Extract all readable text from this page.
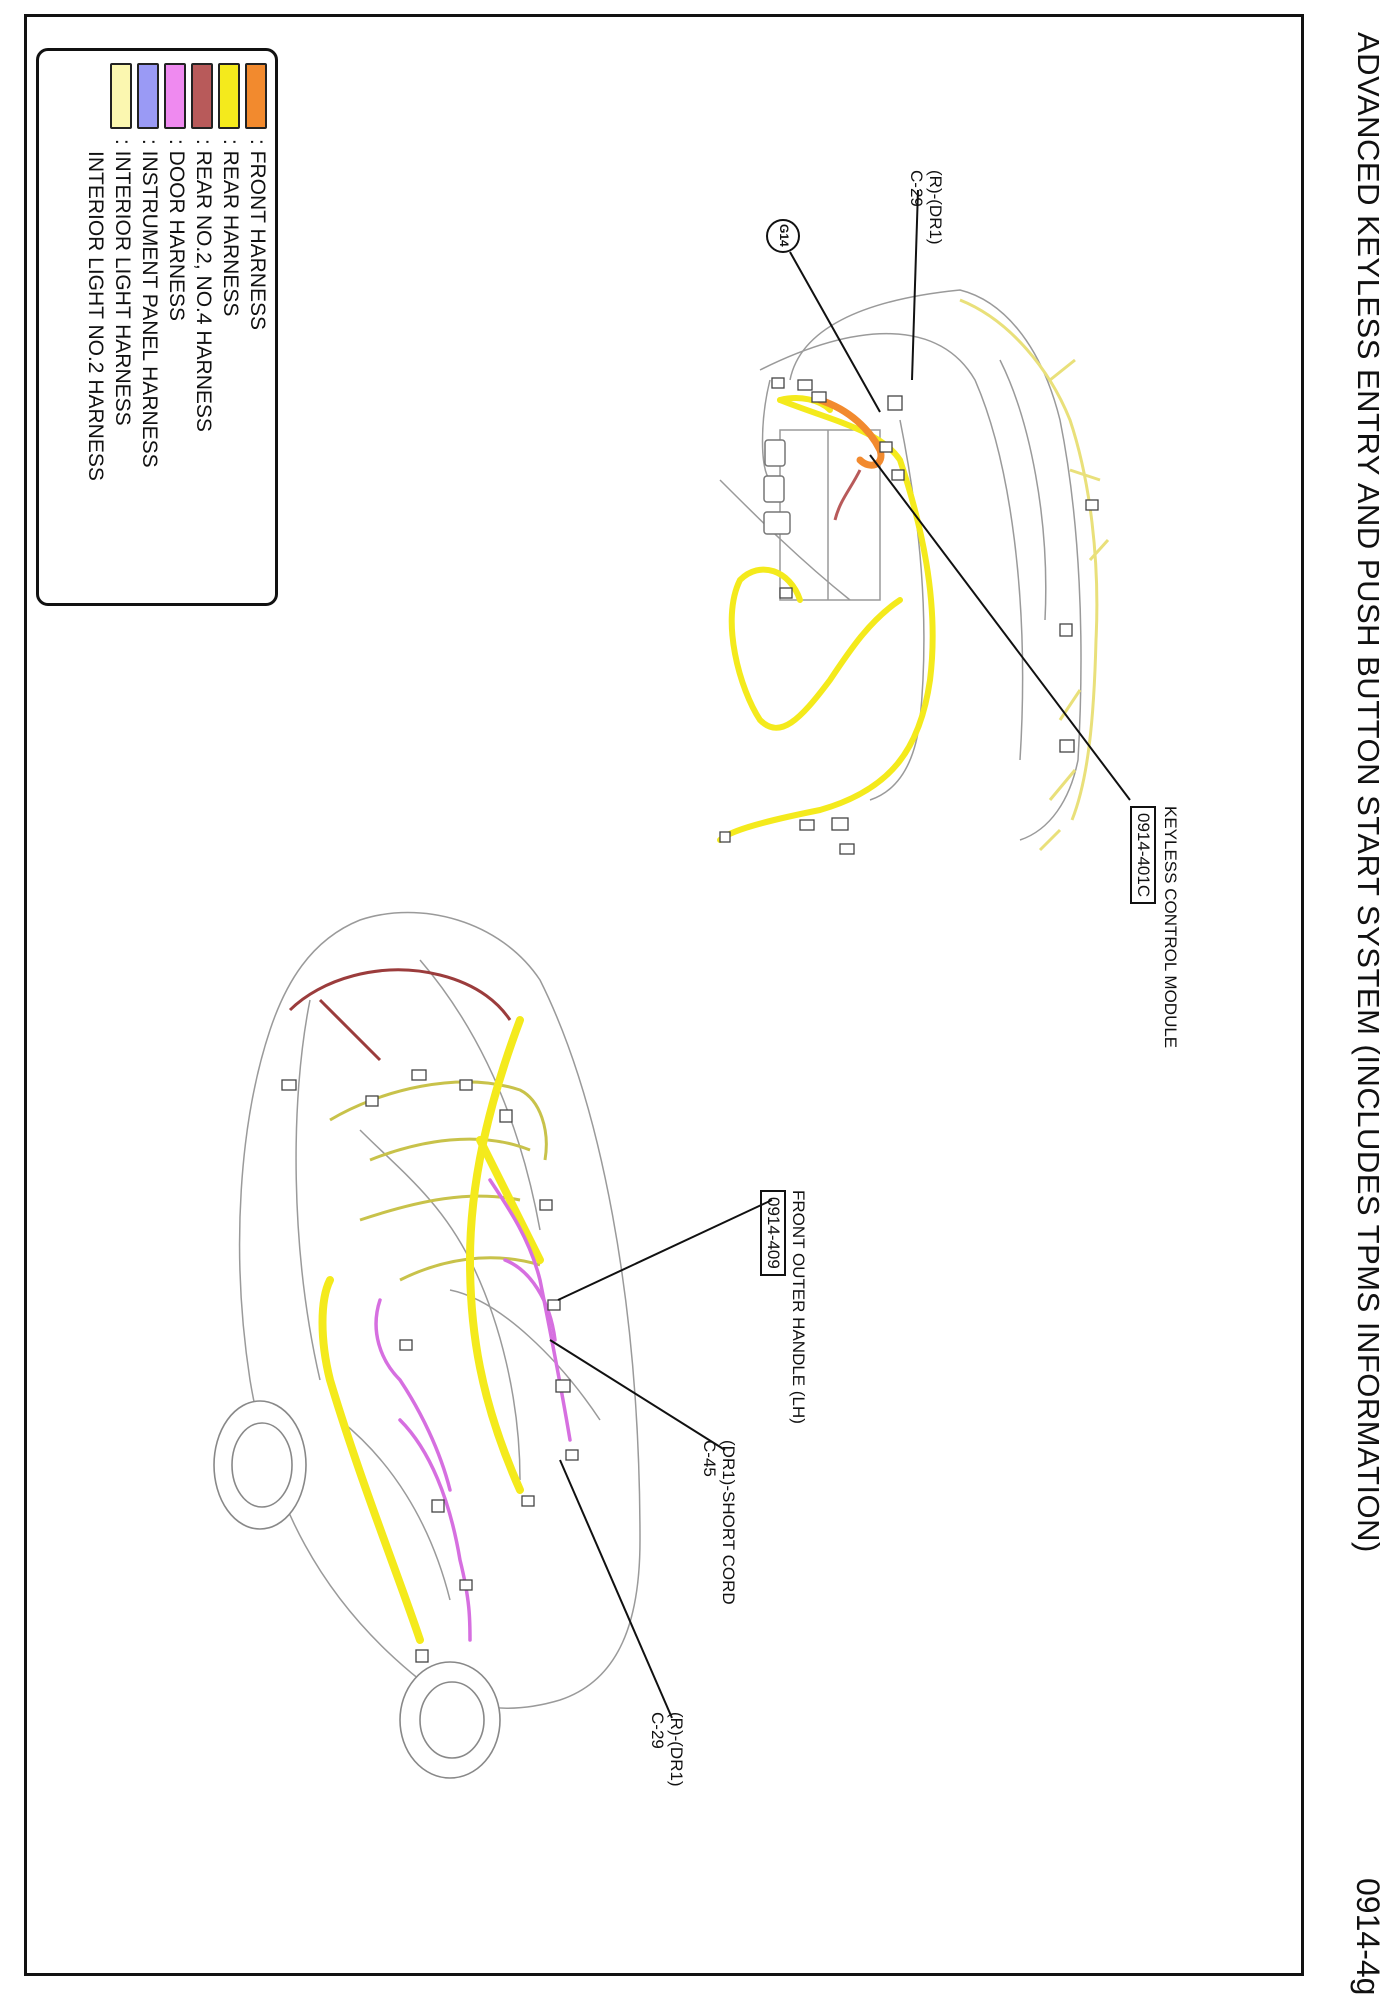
ADVANCED KEYLESS ENTRY AND PUSH BUTTON START SYSTEM (INCLUDES TPMS INFORMATION)
0914-4g
: FRONT HARNESS
: REAR HARNESS
: REAR NO.2, NO.4 HARNESS
: DOOR HARNESS
: INSTRUMENT PANEL HARNESS
: INTERIOR LIGHT HARNESS
INTERIOR LIGHT NO.2 HARNESS	(R)-(DR1)
C-29
G14
KEYLESS CONTROL MODULE
0914-401C
FRONT OUTER HANDLE (LH)
0914-409
(DR1)-SHORT CORD
C-45
(R)-(DR1)
C-29
